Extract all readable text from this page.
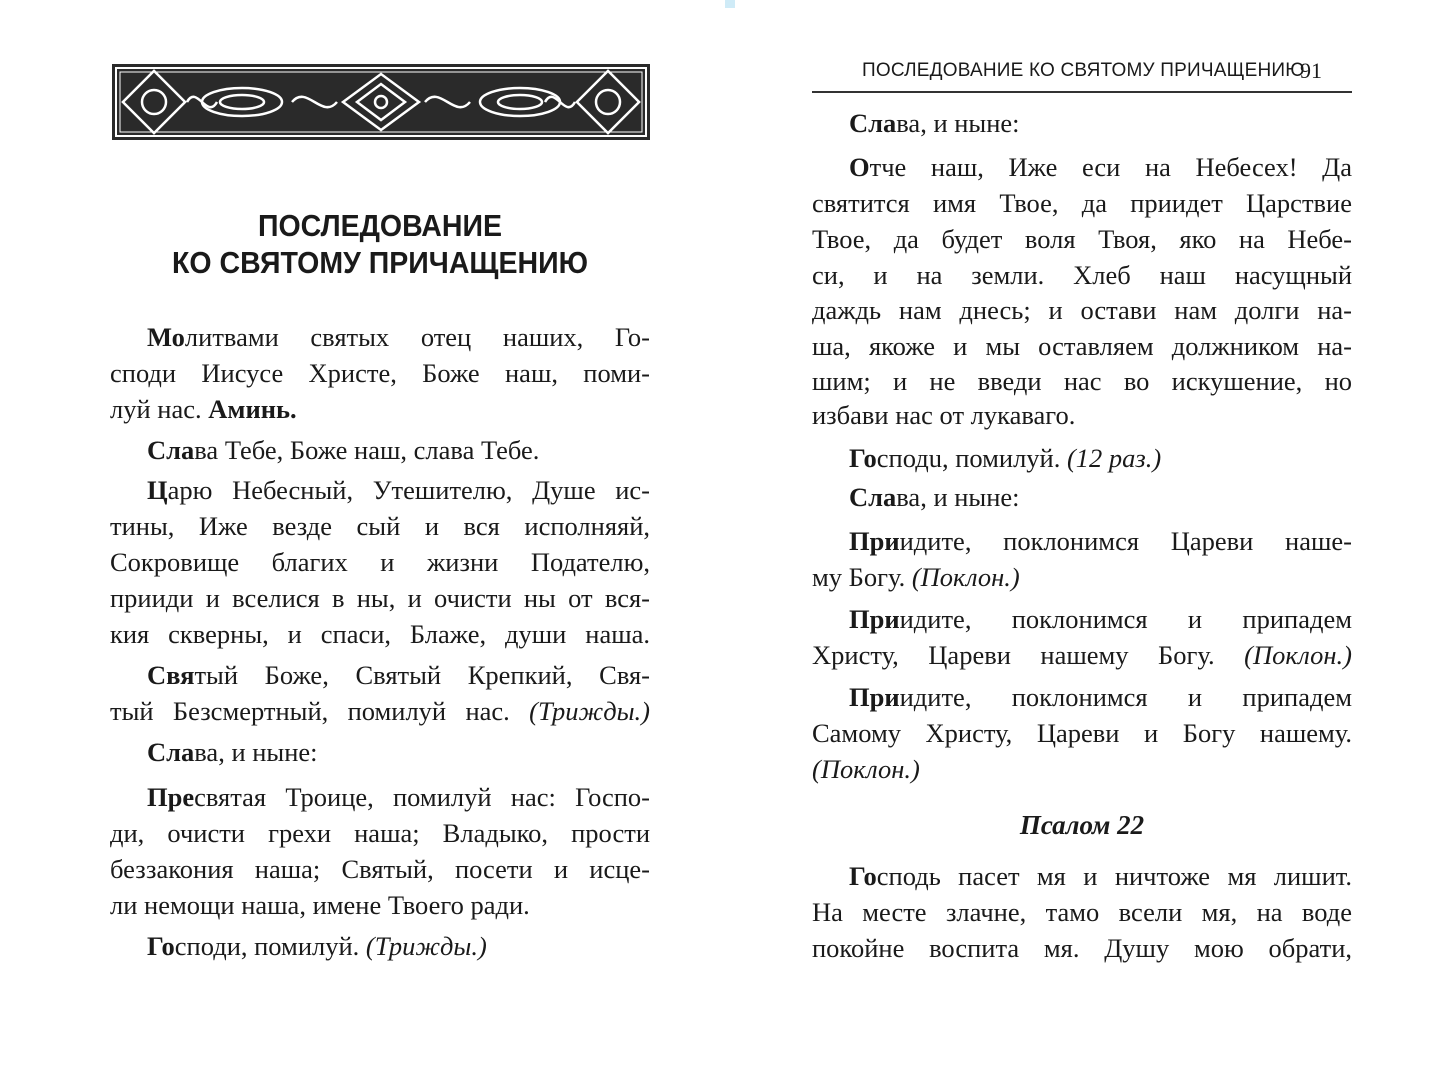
ПОСЛЕДОВАНИЕ КО СВЯТОМУ ПРИЧАЩЕНИЮ
91
ПОСЛЕДОВАНИЕ
КО СВЯТОМУ ПРИЧАЩЕНИЮ
Псалом 22
Молитвами святых отец наших, Го-
споди Иисусе Христе, Боже наш, поми-
луй нас. Аминь.
Слава Тебе, Боже наш, слава Тебе.
Царю Небесный, Утешителю, Душе ис-
тины, Иже везде сый и вся исполняяй,
Сокровище благих и жизни Подателю,
прииди и вселися в ны, и очисти ны от вся-
кия скверны, и спаси, Блаже, души наша.
Святый Боже, Святый Крепкий, Свя-
тый Безсмертный, помилуй нас. (Трижды.)
Слава, и ныне:
Пресвятая Троице, помилуй нас: Госпо-
ди, очисти грехи наша; Владыко, прости
беззакония наша; Святый, посети и исце-
ли немощи наша, имене Твоего ради.
Господи, помилуй. (Трижды.)
Слава, и ныне:
Отче наш, Иже еси на Небесех! Да
святится имя Твое, да приидет Царствие
Твое, да будет воля Твоя, яко на Небе-
си, и на земли. Хлеб наш насущный
даждь нам днесь; и остави нам долги на-
ша, якоже и мы оставляем должником на-
шим; и не введи нас во искушение, но
избави нас от лукаваго.
Господu, помилуй. (12 раз.)
Слава, и ныне:
Приидите, поклонимся Цареви наше-
му Богу. (Поклон.)
Приидите, поклонимся и припадем
Христу, Цареви нашему Богу. (Поклон.)
Приидите, поклонимся и припадем
Самому Христу, Цареви и Богу нашему.
(Поклон.)
Господь пасет мя и ничтоже мя лишит.
На месте злачне, тамо всели мя, на воде
покойне воспита мя. Душу мою обрати,
